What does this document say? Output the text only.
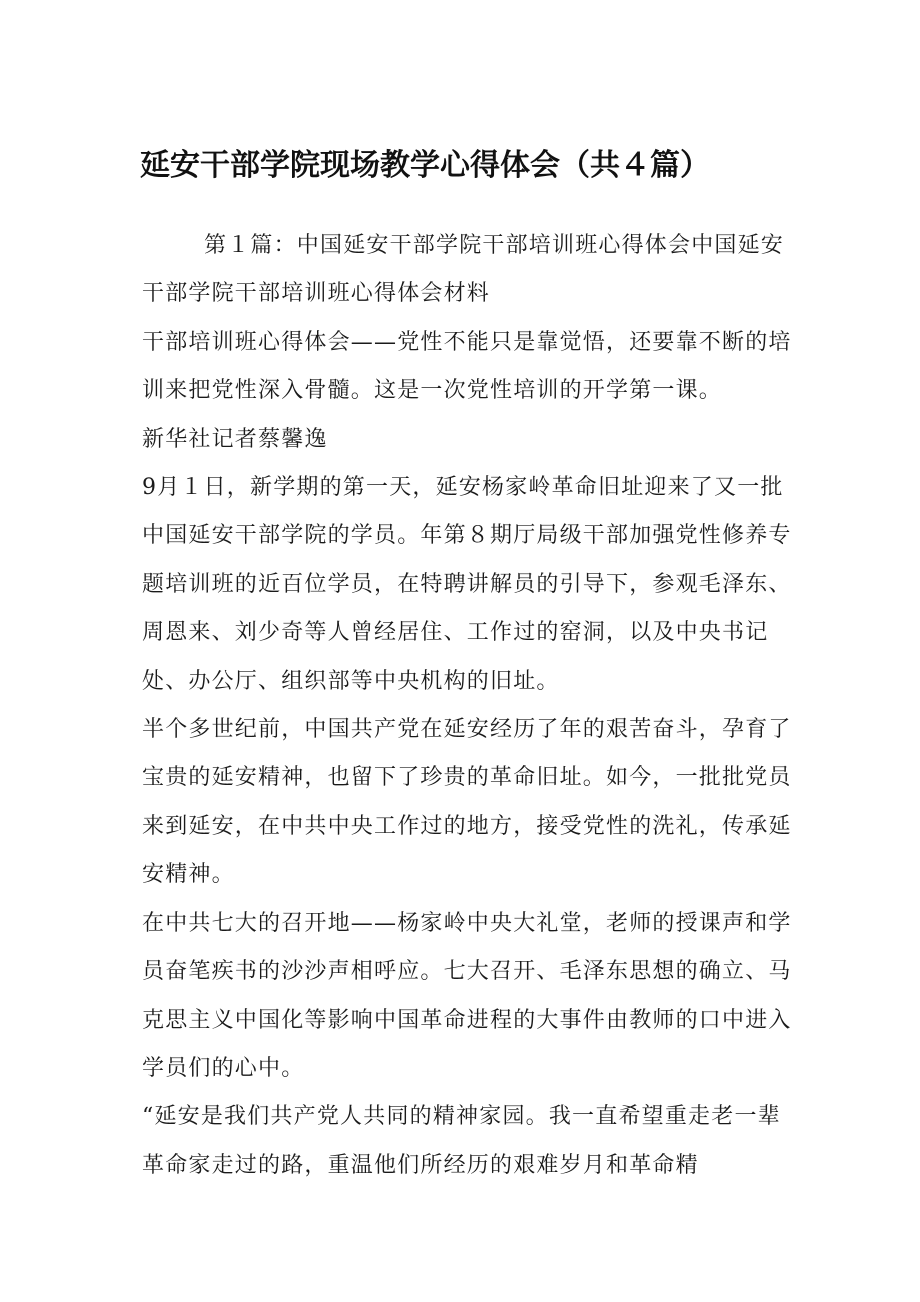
延安干部学院现场教学心得体会（共４篇）

第１篇：中国延安干部学院干部培训班心得体会中国延安干部学院干部培训班心得体会材料

干部培训班心得体会——党性不能只是靠觉悟，还要靠不断的培训来把党性深入骨髓。这是一次党性培训的开学第一课。

新华社记者蔡馨逸

9月１日，新学期的第一天，延安杨家岭革命旧址迎来了又一批中国延安干部学院的学员。年第８期厅局级干部加强党性修养专题培训班的近百位学员，在特聘讲解员的引导下，参观毛泽东、周恩来、刘少奇等人曾经居住、工作过的窑洞，以及中央书记处、办公厅、组织部等中央机构的旧址。

半个多世纪前，中国共产党在延安经历了年的艰苦奋斗，孕育了宝贵的延安精神，也留下了珍贵的革命旧址。如今，一批批党员来到延安，在中共中央工作过的地方，接受党性的洗礼，传承延安精神。

在中共七大的召开地——杨家岭中央大礼堂，老师的授课声和学员奋笔疾书的沙沙声相呼应。七大召开、毛泽东思想的确立、马克思主义中国化等影响中国革命进程的大事件由教师的口中进入学员们的心中。

“延安是我们共产党人共同的精神家园。我一直希望重走老一辈革命家走过的路，重温他们所经历的艰难岁月和革命精
